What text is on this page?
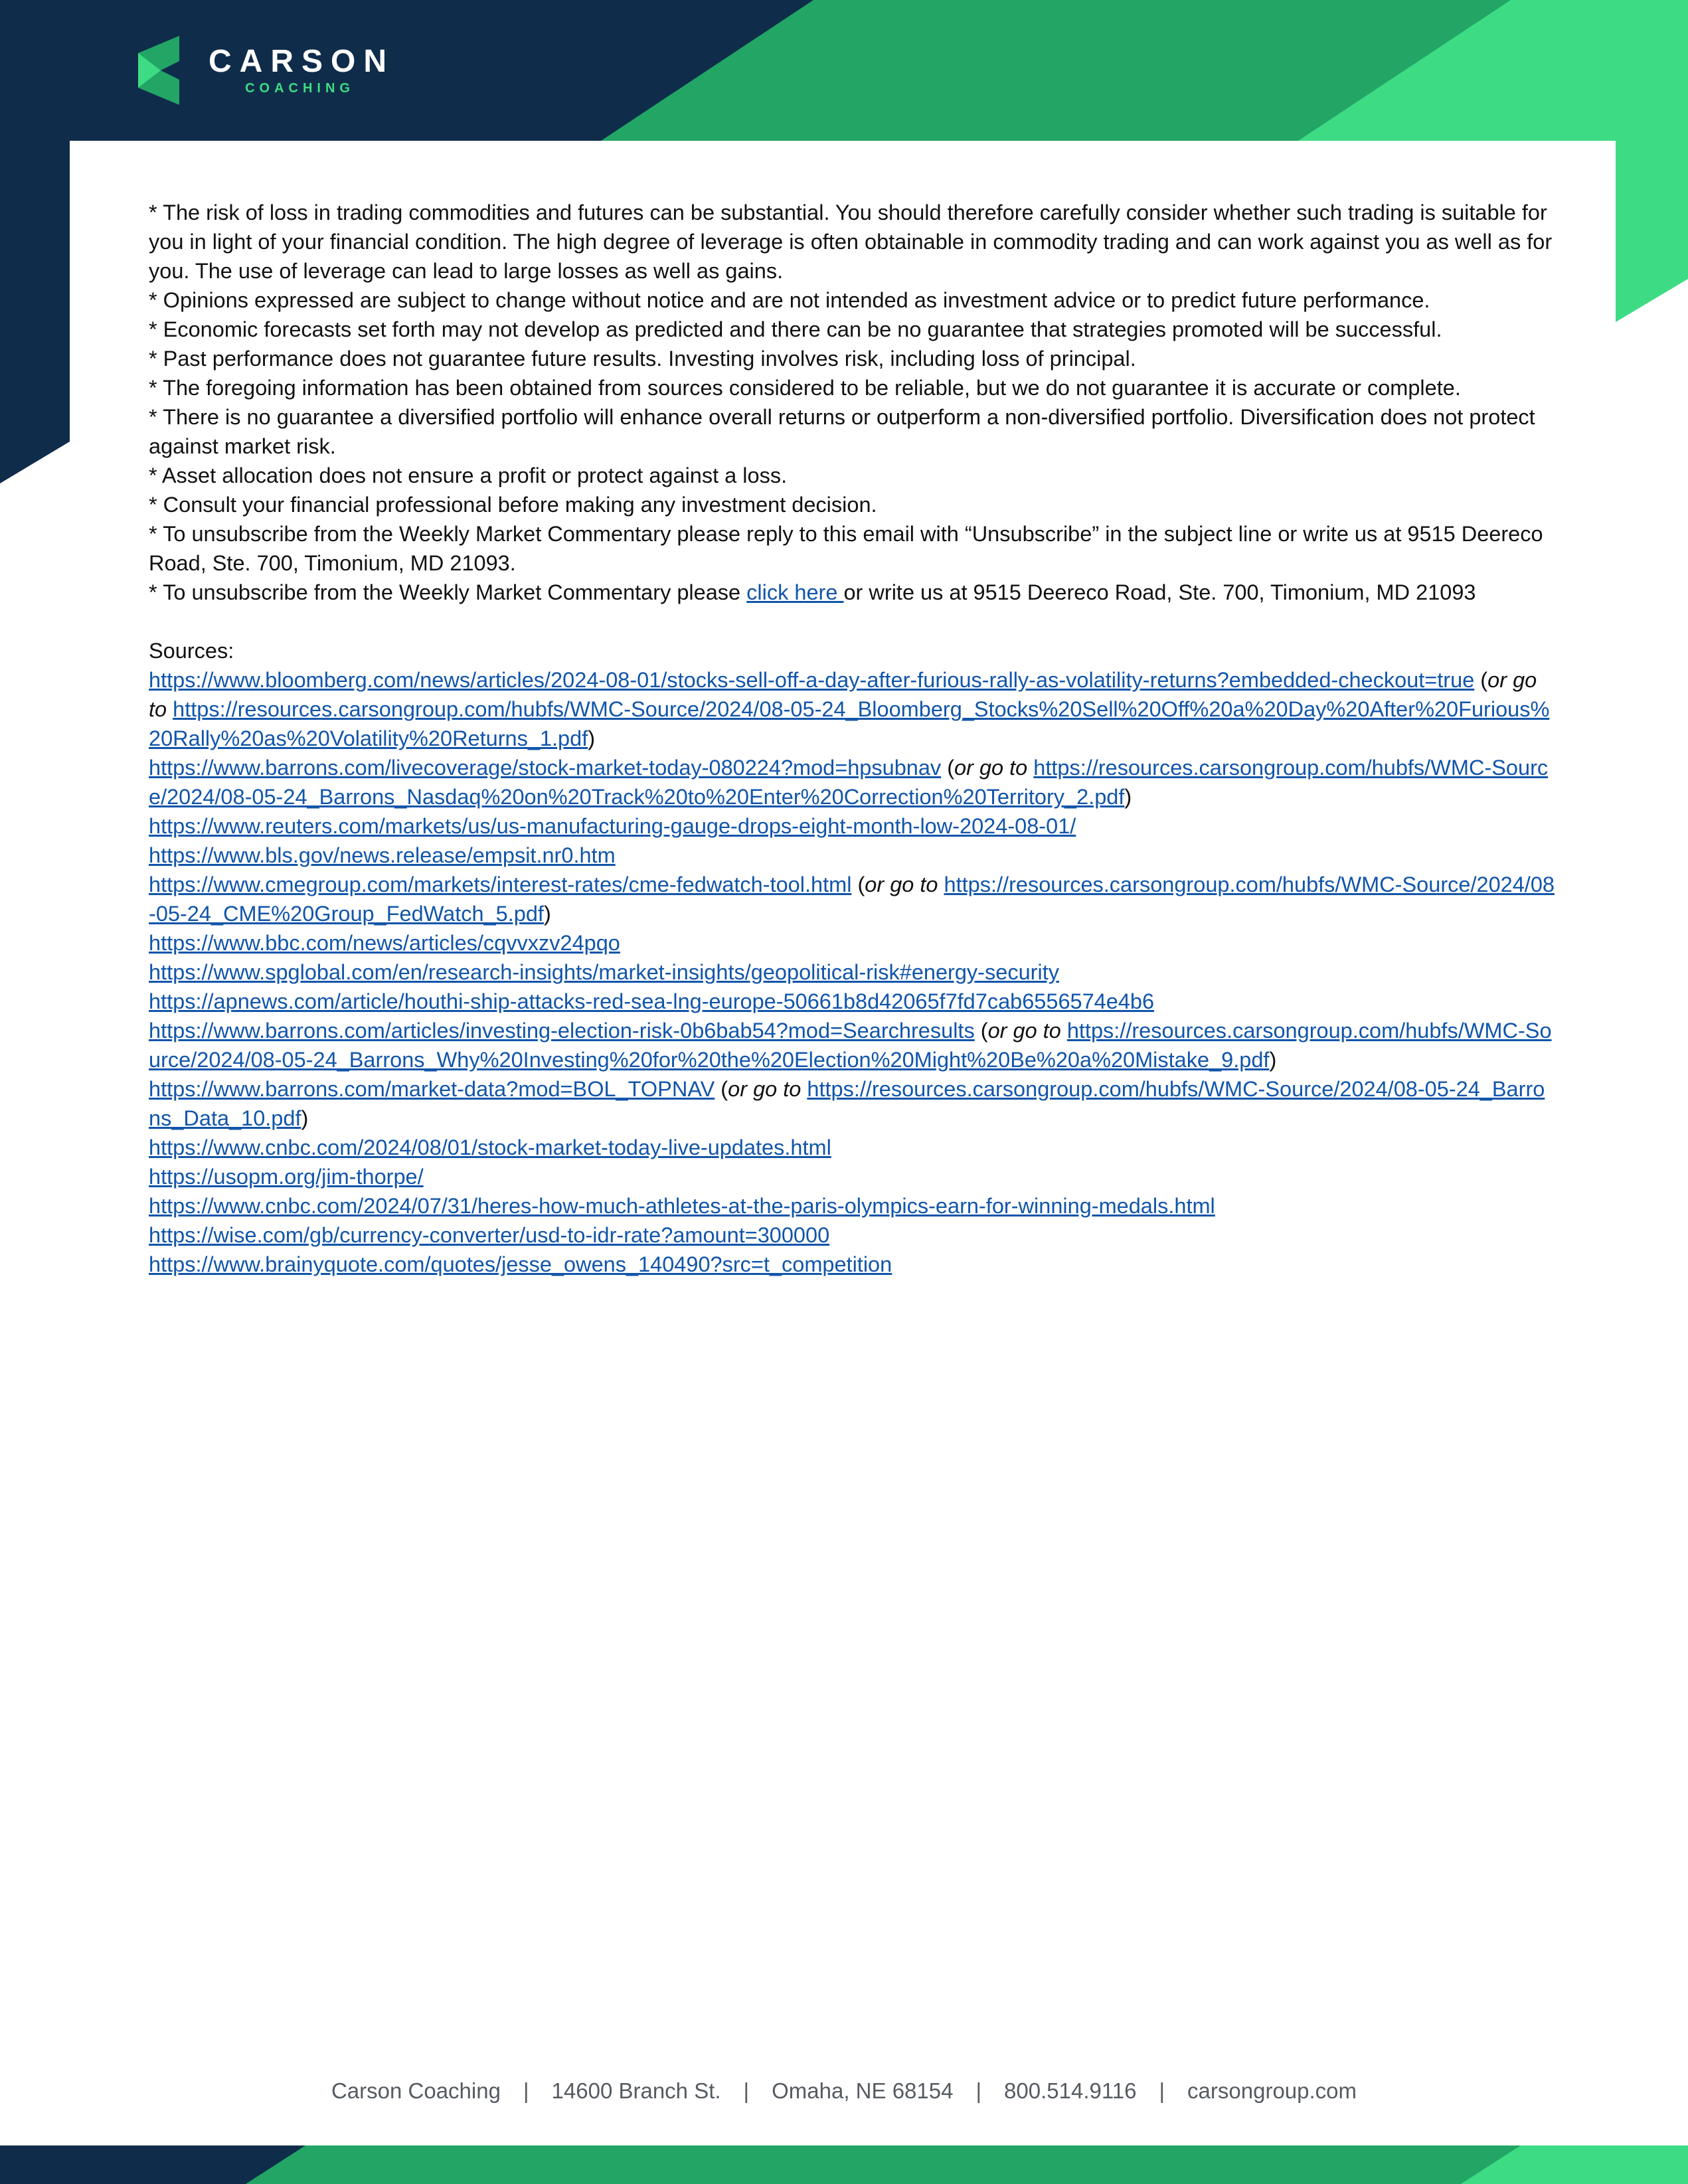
CARSON
COACHING

* The risk of loss in trading commodities and futures can be substantial. You should therefore carefully consider whether such trading is suitable for you in light of your financial condition. The high degree of leverage is often obtainable in commodity trading and can work against you as well as for you. The use of leverage can lead to large losses as well as gains.

* Opinions expressed are subject to change without notice and are not intended as investment advice or to predict future performance.

* Economic forecasts set forth may not develop as predicted and there can be no guarantee that strategies promoted will be successful.

* Past performance does not guarantee future results. Investing involves risk, including loss of principal.

* The foregoing information has been obtained from sources considered to be reliable, but we do not guarantee it is accurate or complete.

* There is no guarantee a diversified portfolio will enhance overall returns or outperform a non-diversified portfolio. Diversification does not protect against market risk.

* Asset allocation does not ensure a profit or protect against a loss.

* Consult your financial professional before making any investment decision.

* To unsubscribe from the Weekly Market Commentary please reply to this email with “Unsubscribe” in the subject line or write us at 9515 Deereco Road, Ste. 700, Timonium, MD 21093.

* To unsubscribe from the Weekly Market Commentary please click here or write us at 9515 Deereco Road, Ste. 700, Timonium, MD 21093

Sources:

https://www.bloomberg.com/news/articles/2024-08-01/stocks-sell-off-a-day-after-furious-rally-as-volatility-returns?embedded-checkout=true (or go to https://resources.carsongroup.com/hubfs/WMC-Source/2024/08-05-24_Bloomberg_Stocks%20Sell%20Off%20a%20Day%20After%20Furious%20Rally%20as%20Volatility%20Returns_1.pdf)

https://www.barrons.com/livecoverage/stock-market-today-080224?mod=hpsubnav (or go to https://resources.carsongroup.com/hubfs/WMC-Source/2024/08-05-24_Barrons_Nasdaq%20on%20Track%20to%20Enter%20Correction%20Territory_2.pdf)

https://www.reuters.com/markets/us/us-manufacturing-gauge-drops-eight-month-low-2024-08-01/

https://www.bls.gov/news.release/empsit.nr0.htm

https://www.cmegroup.com/markets/interest-rates/cme-fedwatch-tool.html (or go to https://resources.carsongroup.com/hubfs/WMC-Source/2024/08-05-24_CME%20Group_FedWatch_5.pdf)

https://www.bbc.com/news/articles/cqvvxzv24pqo

https://www.spglobal.com/en/research-insights/market-insights/geopolitical-risk#energy-security

https://apnews.com/article/houthi-ship-attacks-red-sea-lng-europe-50661b8d42065f7fd7cab6556574e4b6

https://www.barrons.com/articles/investing-election-risk-0b6bab54?mod=Searchresults (or go to https://resources.carsongroup.com/hubfs/WMC-Source/2024/08-05-24_Barrons_Why%20Investing%20for%20the%20Election%20Might%20Be%20a%20Mistake_9.pdf)

https://www.barrons.com/market-data?mod=BOL_TOPNAV (or go to https://resources.carsongroup.com/hubfs/WMC-Source/2024/08-05-24_Barrons_Data_10.pdf)

https://www.cnbc.com/2024/08/01/stock-market-today-live-updates.html

https://usopm.org/jim-thorpe/

https://www.cnbc.com/2024/07/31/heres-how-much-athletes-at-the-paris-olympics-earn-for-winning-medals.html

https://wise.com/gb/currency-converter/usd-to-idr-rate?amount=300000

https://www.brainyquote.com/quotes/jesse_owens_140490?src=t_competition

Carson Coaching | 14600 Branch St. | Omaha, NE 68154 | 800.514.9116 | carsongroup.com
